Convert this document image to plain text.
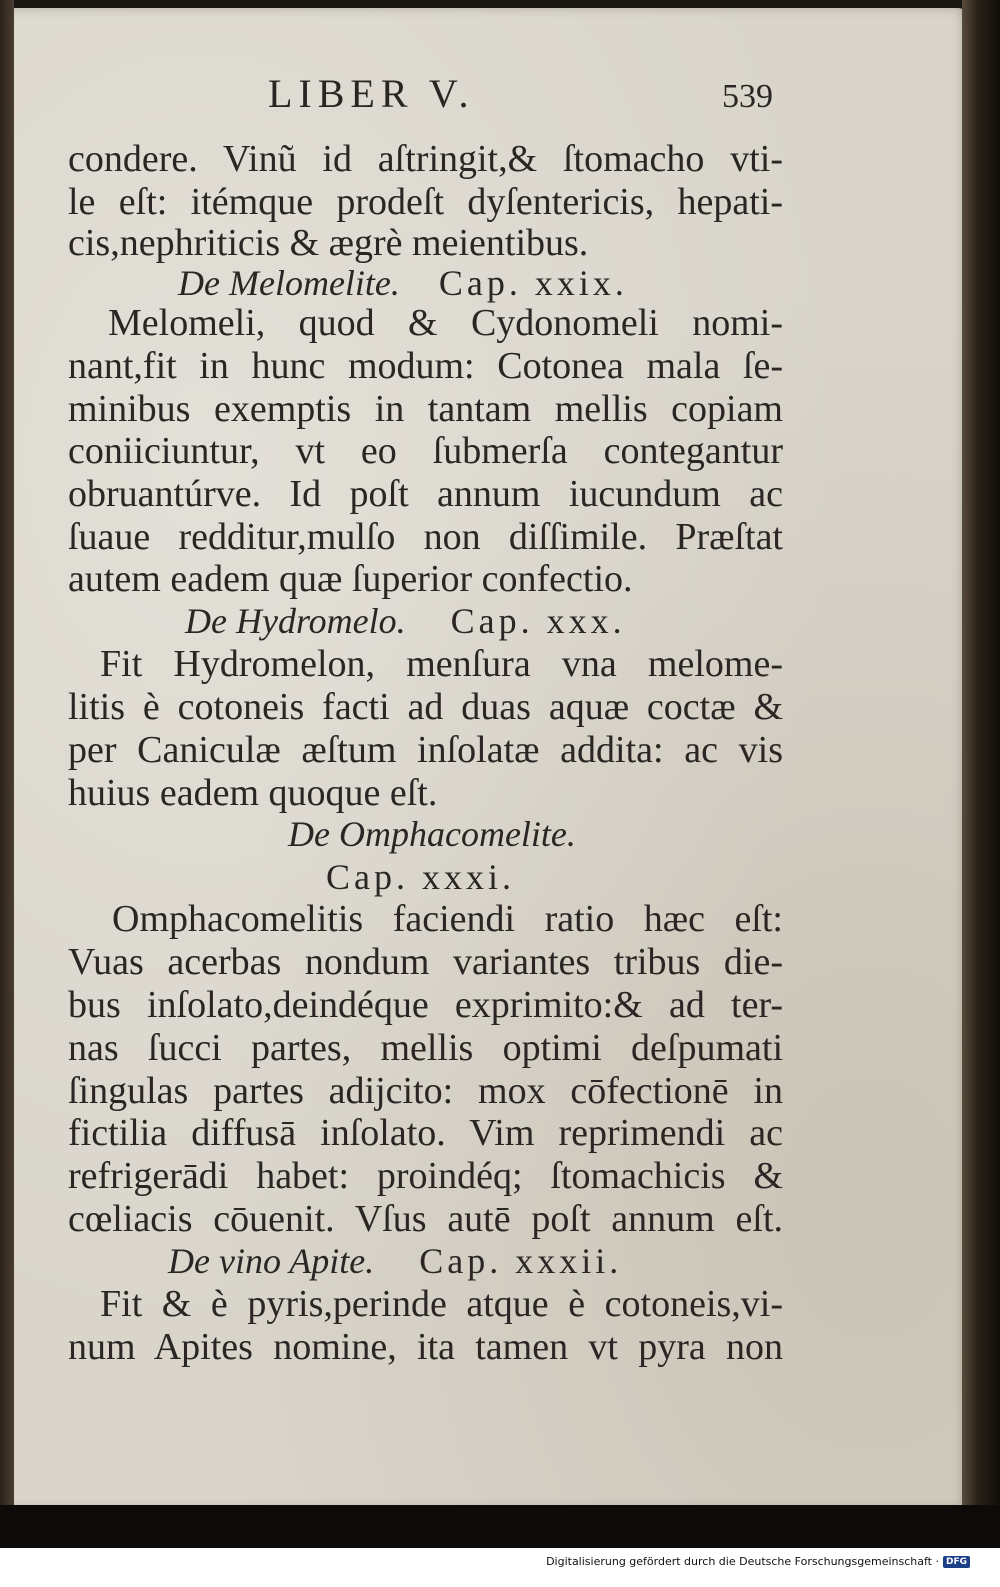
LIBER V.	539
condere. Vinũ id aſtringit,& ſtomacho vti-
le eſt: itémque prodeſt dyſentericis, hepati-
cis,nephriticis & ægrè meientibus.
De Melomelite. Cap. xxix.
Melomeli, quod & Cydonomeli nomi-
nant,fit in hunc modum: Cotonea mala ſe-
minibus exemptis in tantam mellis copiam
coniiciuntur, vt eo ſubmerſa contegantur
obruantúrve. Id poſt annum iucundum ac
ſuaue redditur,mulſo non diſſimile. Præſtat
autem eadem quæ ſuperior confectio.
De Hydromelo. Cap. xxx.
Fit Hydromelon, menſura vna melome-
litis è cotoneis facti ad duas aquæ coctæ &
per Caniculæ æſtum inſolatæ addita: ac vis
huius eadem quoque eſt.
De Omphacomelite.
Cap. xxxi.
Omphacomelitis faciendi ratio hæc eſt:
Vuas acerbas nondum variantes tribus die-
bus inſolato,deindéque exprimito:& ad ter-
nas ſucci partes, mellis optimi deſpumati
ſingulas partes adijcito: mox cōfectionē in
fictilia diffusā inſolato. Vim reprimendi ac
refrigerādi habet: proindéq; ſtomachicis &
cœliacis cōuenit. Vſus autē poſt annum eſt.
De vino Apite. Cap. xxxii.
Fit & è pyris,perinde atque è cotoneis,vi-
num Apites nomine, ita tamen vt pyra non
Digitalisierung gefördert durch die Deutsche Forschungsgemeinschaft · DFG
